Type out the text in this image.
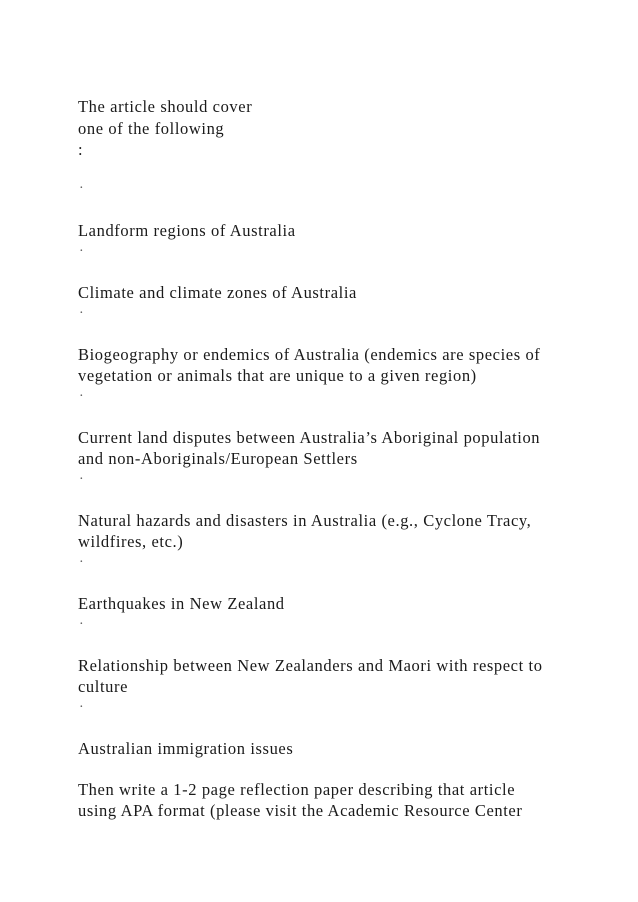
The article should cover
one of the following
:
·
Landform regions of Australia
·
Climate and climate zones of Australia
·
Biogeography or endemics of Australia (endemics are species of
vegetation or animals that are unique to a given region)
·
Current land disputes between Australia’s Aboriginal population
and non-Aboriginals/European Settlers
·
Natural hazards and disasters in Australia (e.g., Cyclone Tracy,
wildfires, etc.)
·
Earthquakes in New Zealand
·
Relationship between New Zealanders and Maori with respect to
culture
·
Australian immigration issues
Then write a 1-2 page reflection paper describing that article
using APA format (please visit the Academic Resource Center
